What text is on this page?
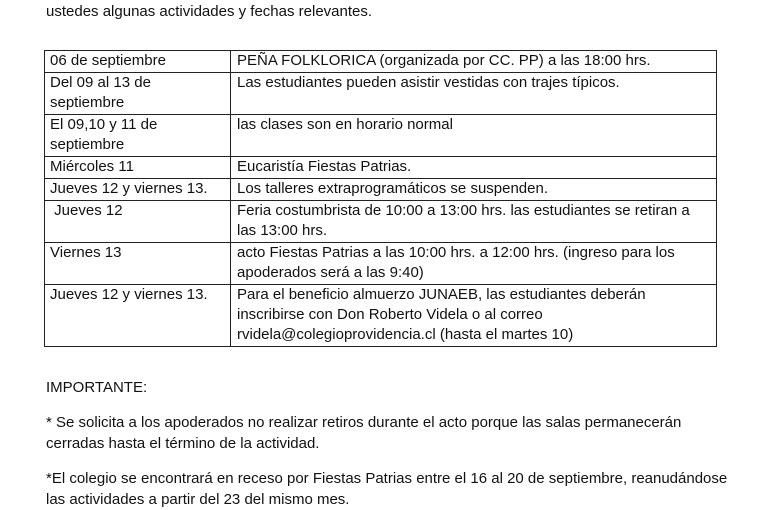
ustedes algunas actividades y fechas relevantes.
06 de septiembre	PEÑA FOLKLORICA (organizada por CC. PP) a las 18:00 hrs.
Del 09 al 13 de septiembre	Las estudiantes pueden asistir vestidas con trajes típicos.
El 09,10 y 11 de septiembre	las clases son en horario normal
Miércoles 11	Eucaristía Fiestas Patrias.
Jueves 12 y viernes 13.	Los talleres extraprogramáticos se suspenden.
Jueves 12	Feria costumbrista de 10:00 a 13:00 hrs. las estudiantes se retiran a las 13:00 hrs.
Viernes 13	acto Fiestas Patrias a las 10:00 hrs. a 12:00 hrs. (ingreso para los apoderados será a las 9:40)
Jueves 12 y viernes 13.	Para el beneficio almuerzo JUNAEB, las estudiantes deberán inscribirse con Don Roberto Videla o al correo rvidela@colegioprovidencia.cl (hasta el martes 10)
IMPORTANTE:
* Se solicita a los apoderados no realizar retiros durante el acto porque las salas permanecerán cerradas hasta el término de la actividad.
*El colegio se encontrará en receso por Fiestas Patrias entre el 16 al 20 de septiembre, reanudándose las actividades a partir del 23 del mismo mes.
